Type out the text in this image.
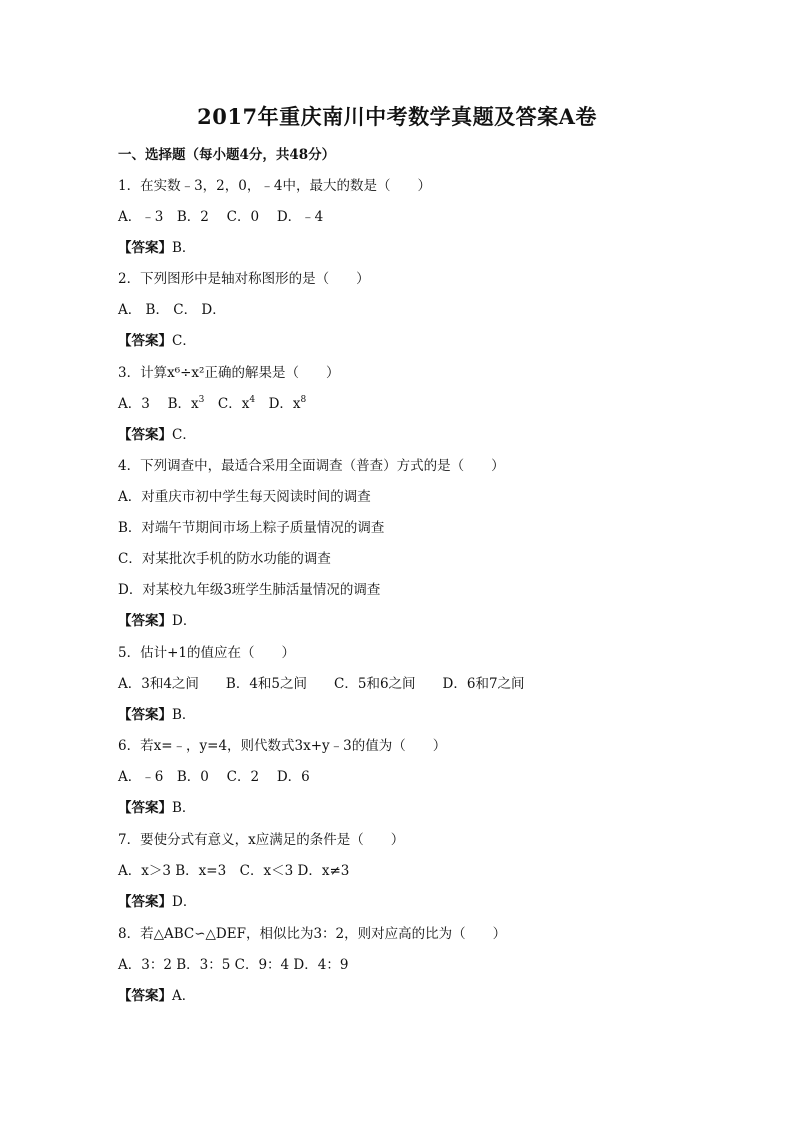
2017年重庆南川中考数学真题及答案A卷
一、选择题（每小题4分，共48分）
1．在实数﹣3，2，0，﹣4中，最大的数是（　　）
A．﹣3　B．2　 C．0　 D．﹣4
【答案】B．
2．下列图形中是轴对称图形的是（　　）
A． B． C． D．
【答案】C．
3．计算x⁶÷x²正确的解果是（　　）
A．3　 B．$x^3$　C．$x^4$　D．$x^8$
【答案】C．
4．下列调查中，最适合采用全面调查（普查）方式的是（　　）
A．对重庆市初中学生每天阅读时间的调查
B．对端午节期间市场上粽子质量情况的调查
C．对某批次手机的防水功能的调查
D．对某校九年级3班学生肺活量情况的调查
【答案】D．
5．估计+1的值应在（　　）
A．3和4之间　　B．4和5之间　　C．5和6之间　　D．6和7之间
【答案】B．
6．若x=﹣，y=4，则代数式3x+y﹣3的值为（　　）
A．﹣6　B．0　 C．2　 D．6
【答案】B．
7．要使分式有意义，x应满足的条件是（　　）
A．x＞3 B．x=3　C．x＜3 D．x≠3
【答案】D．
8．若△ABC∽△DEF，相似比为3：2，则对应高的比为（　　）
A．3：2 B．3：5 C．9：4 D．4：9
【答案】A．
